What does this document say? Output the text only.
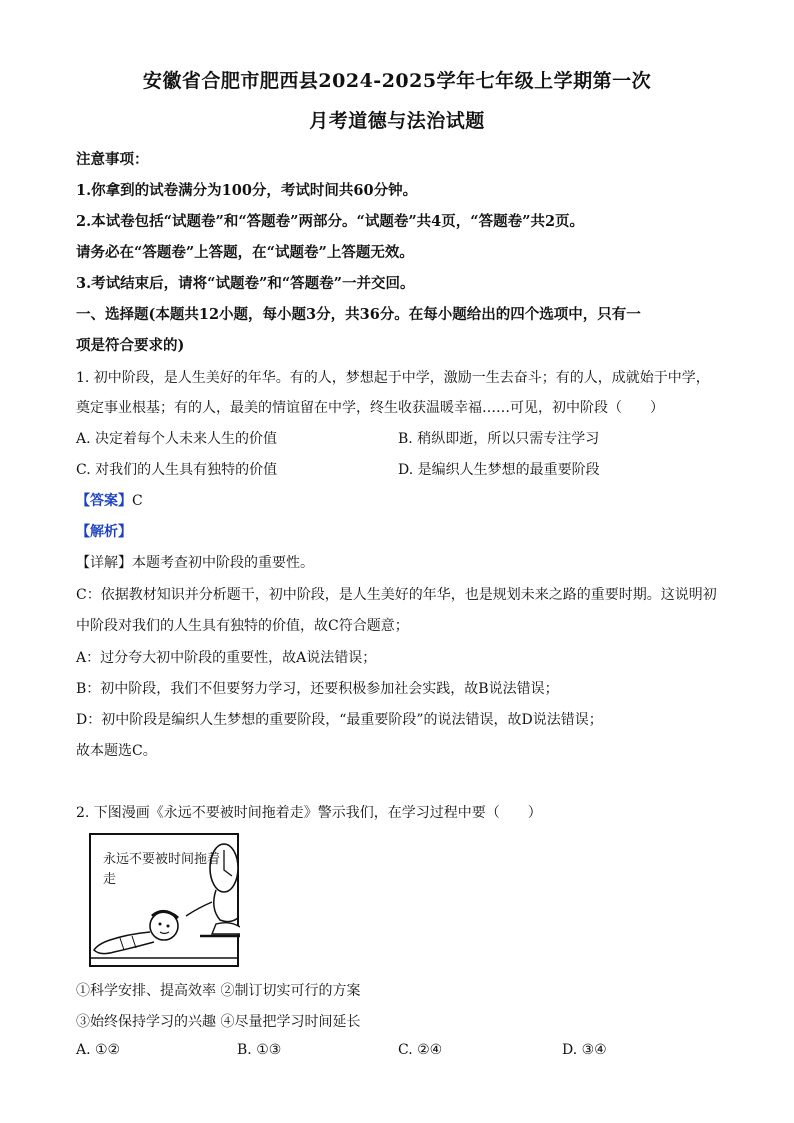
安徽省合肥市肥西县2024-2025学年七年级上学期第一次
月考道德与法治试题
注意事项：
1.你拿到的试卷满分为100分，考试时间共60分钟。
2.本试卷包括“试题卷”和“答题卷”两部分。“试题卷”共4页，“答题卷”共2页。
请务必在“答题卷”上答题，在“试题卷”上答题无效。
3.考试结束后，请将“试题卷”和“答题卷”一并交回。
一、选择题(本题共12小题，每小题3分，共36分。在每小题给出的四个选项中，只有一
项是符合要求的)
1. 初中阶段，是人生美好的年华。有的人，梦想起于中学，激励一生去奋斗；有的人，成就始于中学，
奠定事业根基；有的人，最美的情谊留在中学，终生收获温暖幸福……可见，初中阶段（　　）
A. 决定着每个人未来人生的价值	B. 稍纵即逝，所以只需专注学习
C. 对我们的人生具有独特的价值	D. 是编织人生梦想的最重要阶段
【答案】C
【解析】
【详解】本题考查初中阶段的重要性。
C：依据教材知识并分析题干，初中阶段，是人生美好的年华，也是规划未来之路的重要时期。这说明初
中阶段对我们的人生具有独特的价值，故C符合题意；
A：过分夸大初中阶段的重要性，故A说法错误；
B：初中阶段，我们不但要努力学习，还要积极参加社会实践，故B说法错误；
D：初中阶段是编织人生梦想的重要阶段，“最重要阶段”的说法错误，故D说法错误；
故本题选C。
2. 下图漫画《永远不要被时间拖着走》警示我们，在学习过程中要（　　）
永远不要被时间拖着走
①科学安排、提高效率 ②制订切实可行的方案
③始终保持学习的兴趣 ④尽量把学习时间延长
A. ①②	B. ①③	C. ②④	D. ③④
